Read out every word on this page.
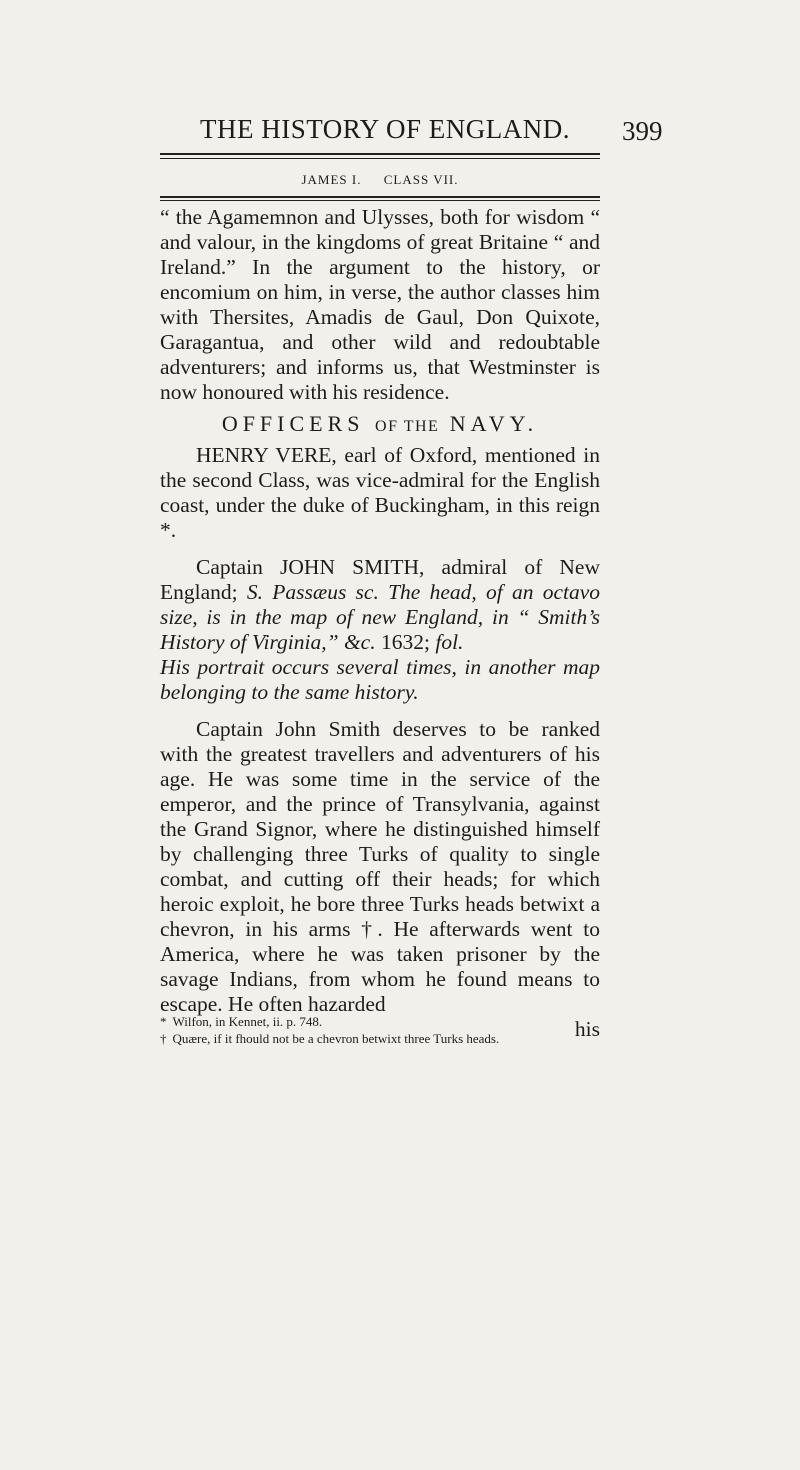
THE HISTORY OF ENGLAND.	399
JAMES I. CLASS VII.

“ the Agamemnon and Ulysses, both for wisdom “ and valour, in the kingdoms of great Britaine “ and Ireland.” In the argument to the history, or encomium on him, in verse, the author classes him with Thersites, Amadis de Gaul, Don Quixote, Garagantua, and other wild and redoubtable adventurers; and informs us, that Westminster is now honoured with his residence.

OFFICERS OF THE NAVY.

HENRY VERE, earl of Oxford, mentioned in the second Class, was vice-admiral for the English coast, under the duke of Buckingham, in this reign *.

Captain JOHN SMITH, admiral of New England; S. Passæus sc. The head, of an octavo size, is in the map of new England, in “ Smith’s History of Virginia,” &c. 1632; fol.

His portrait occurs several times, in another map belonging to the same history.

Captain John Smith deserves to be ranked with the greatest travellers and adventurers of his age. He was some time in the service of the emperor, and the prince of Transylvania, against the Grand Signor, where he distinguished himself by challenging three Turks of quality to single combat, and cutting off their heads; for which heroic exploit, he bore three Turks heads betwixt a chevron, in his arms †. He afterwards went to America, where he was taken prisoner by the savage Indians, from whom he found means to escape. He often hazarded

his

* Wilfon, in Kennet, ii. p. 748.

† Quære, if it fhould not be a chevron betwixt three Turks heads.
